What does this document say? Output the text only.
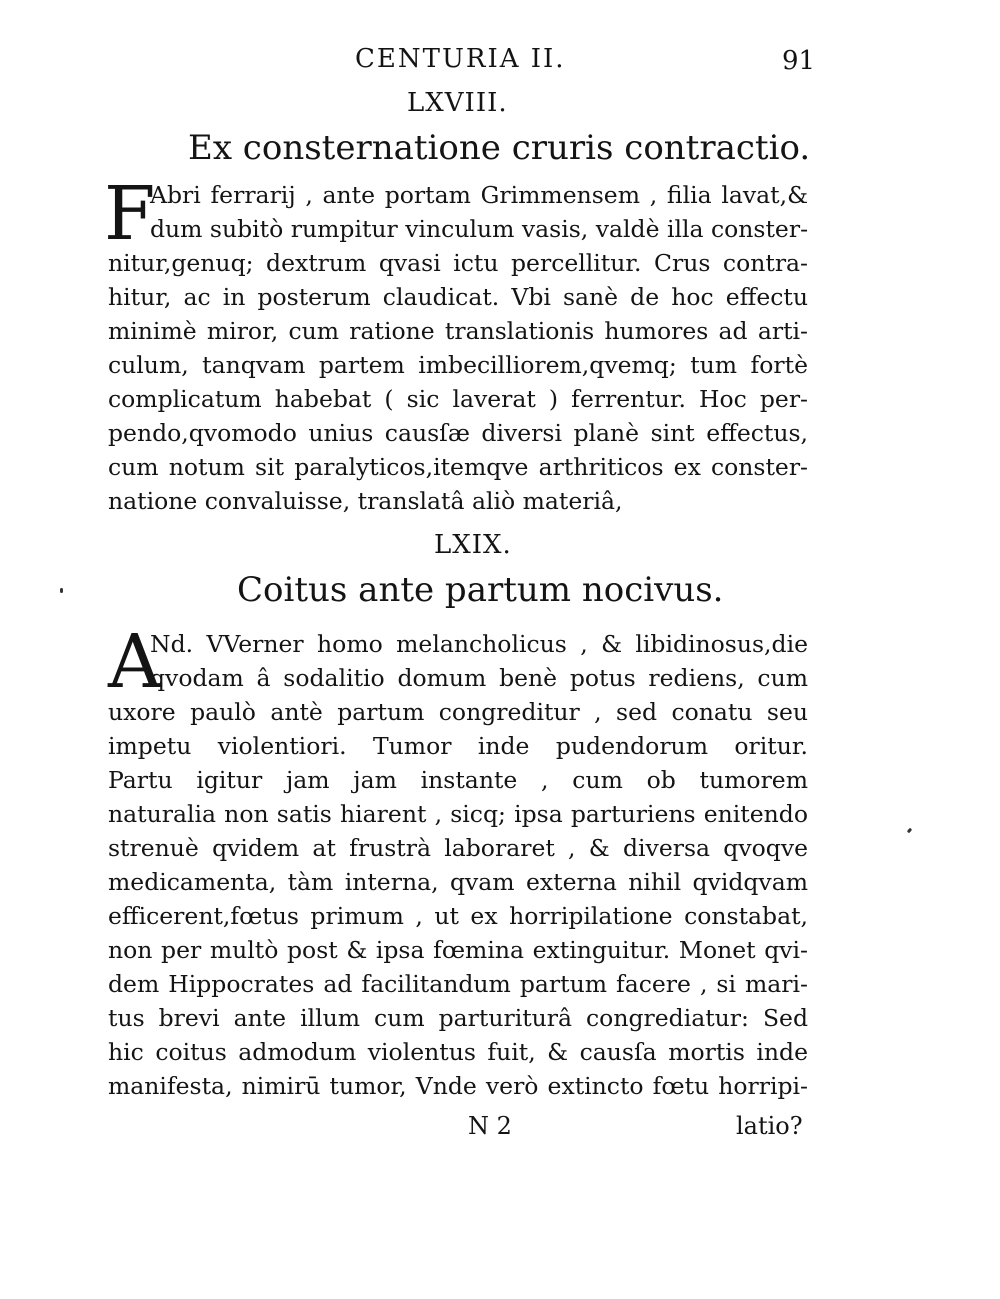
CENTURIA II.	91
LXVIII.
Ex consternatione cruris contractio.
F
Abri ferrarij , ante portam Grimmensem , filia lavat,&
dum subitò rumpitur vinculum vasis, valdè illa conster-
nitur,genuq; dextrum qvasi ictu percellitur. Crus contra-
hitur, ac in posterum claudicat. Vbi sanè de hoc effectu
minimè miror, cum ratione translationis humores ad arti-
culum, tanqvam partem imbecilliorem,qvemq; tum fortè
complicatum habebat ( sic laverat ) ferrentur. Hoc per-
pendo,qvomodo unius causſæ diversi planè sint effectus,
cum notum sit paralyticos,itemqve arthriticos ex conster-
natione convaluisse, translatâ aliò materiâ,
LXIX.
Coitus ante partum nocivus.
A
Nd. VVerner homo melancholicus , & libidinosus,die
qvodam â sodalitio domum benè potus rediens, cum
uxore paulò antè partum congreditur , sed conatu seu
impetu violentiori. Tumor inde pudendorum oritur.
Partu igitur jam jam instante , cum ob tumorem
naturalia non satis hiarent , sicq; ipsa parturiens enitendo
strenuè qvidem at frustrà laboraret , & diversa qvoqve
medicamenta, tàm interna, qvam externa nihil qvidqvam
efficerent,fœtus primum , ut ex horripilatione constabat,
non per multò post & ipsa fœmina extinguitur. Monet qvi-
dem Hippocrates ad facilitandum partum facere , si mari-
tus brevi ante illum cum parturiturâ congrediatur: Sed
hic coitus admodum violentus fuit, & causſa mortis inde
manifesta, nimirū tumor, Vnde verò extincto fœtu horripi-
N 2	latio?
